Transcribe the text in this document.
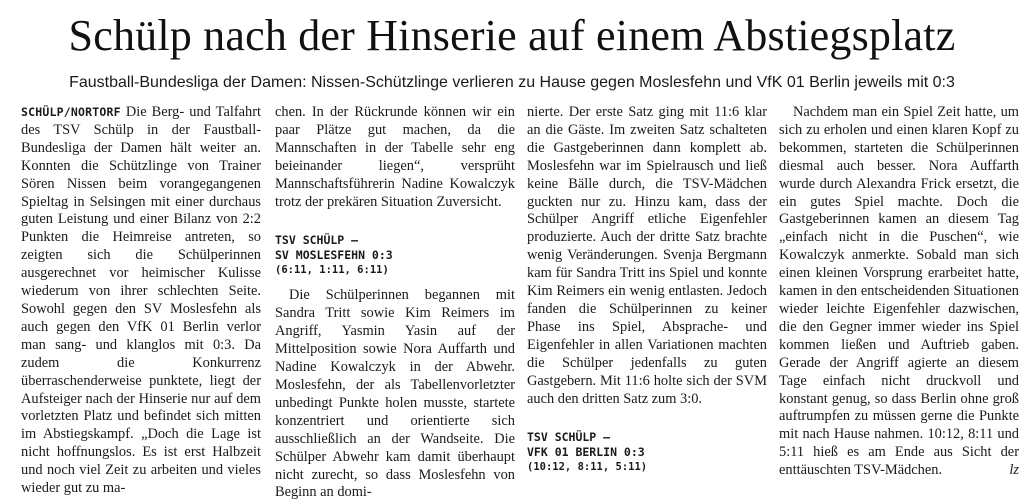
Schülp nach der Hinserie auf einem Abstiegsplatz
Faustball-Bundesliga der Damen: Nissen-Schützlinge verlieren zu Hause gegen Moslesfehn und VfK 01 Berlin jeweils mit 0:3

SCHÜLP/NORTORF Die Berg- und Talfahrt des TSV Schülp in der Faustball-Bundesliga der Damen hält weiter an. Konnten die Schützlinge von Trainer Sören Nissen beim vorangegangenen Spieltag in Selsingen mit einer durchaus guten Leistung und einer Bilanz von 2:2 Punkten die Heimreise antreten, so zeigten sich die Schülperinnen ausgerechnet vor heimischer Kulisse wiederum von ihrer schlechten Seite. Sowohl gegen den SV Moslesfehn als auch gegen den VfK 01 Berlin verlor man sang- und klanglos mit 0:3. Da zudem die Konkurrenz überraschenderweise punktete, liegt der Aufsteiger nach der Hinserie nur auf dem vorletzten Platz und befindet sich mitten im Abstiegskampf. „Doch die Lage ist nicht hoffnungslos. Es ist erst Halbzeit und noch viel Zeit zu arbeiten und vieles wieder gut zu ma-

chen. In der Rückrunde können wir ein paar Plätze gut machen, da die Mannschaften in der Tabelle sehr eng beieinander liegen“, versprüht Mannschaftsführerin Nadine Kowalczyk trotz der prekären Situation Zuversicht.

TSV SCHÜLP –
SV MOSLESFEHN 0:3

(6:11, 1:11, 6:11)

Die Schülperinnen begannen mit Sandra Tritt sowie Kim Reimers im Angriff, Yasmin Yasin auf der Mittelposition sowie Nora Auffarth und Nadine Kowalczyk in der Abwehr. Moslesfehn, der als Tabellenvorletzter unbedingt Punkte holen musste, startete konzentriert und orientierte sich ausschließlich an der Wandseite. Die Schülper Abwehr kam damit überhaupt nicht zurecht, so dass Moslesfehn von Beginn an domi-

nierte. Der erste Satz ging mit 11:6 klar an die Gäste. Im zweiten Satz schalteten die Gastgeberinnen dann komplett ab. Moslesfehn war im Spielrausch und ließ keine Bälle durch, die TSV-Mädchen guckten nur zu. Hinzu kam, dass der Schülper Angriff etliche Eigenfehler produzierte. Auch der dritte Satz brachte wenig Veränderungen. Svenja Bergmann kam für Sandra Tritt ins Spiel und konnte Kim Reimers ein wenig entlasten. Jedoch fanden die Schülperinnen zu keiner Phase ins Spiel, Absprache- und Eigenfehler in allen Variationen machten die Schülper jedenfalls zu guten Gastgebern. Mit 11:6 holte sich der SVM auch den dritten Satz zum 3:0.

TSV SCHÜLP –
VFK 01 BERLIN 0:3

(10:12, 8:11, 5:11)

Nachdem man ein Spiel Zeit hatte, um sich zu erholen und einen klaren Kopf zu bekommen, starteten die Schülperinnen diesmal auch besser. Nora Auffarth wurde durch Alexandra Frick ersetzt, die ein gutes Spiel machte. Doch die Gastgeberinnen kamen an diesem Tag „einfach nicht in die Puschen“, wie Kowalczyk anmerkte. Sobald man sich einen kleinen Vorsprung erarbeitet hatte, kamen in den entscheidenden Situationen wieder leichte Eigenfehler dazwischen, die den Gegner immer wieder ins Spiel kommen ließen und Auftrieb gaben. Gerade der Angriff agierte an diesem Tage einfach nicht druckvoll und konstant genug, so dass Berlin ohne groß auftrumpfen zu müssen gerne die Punkte mit nach Hause nahmen. 10:12, 8:11 und 5:11 hieß es am Ende aus Sicht der enttäuschten TSV-Mädchen.	lz
